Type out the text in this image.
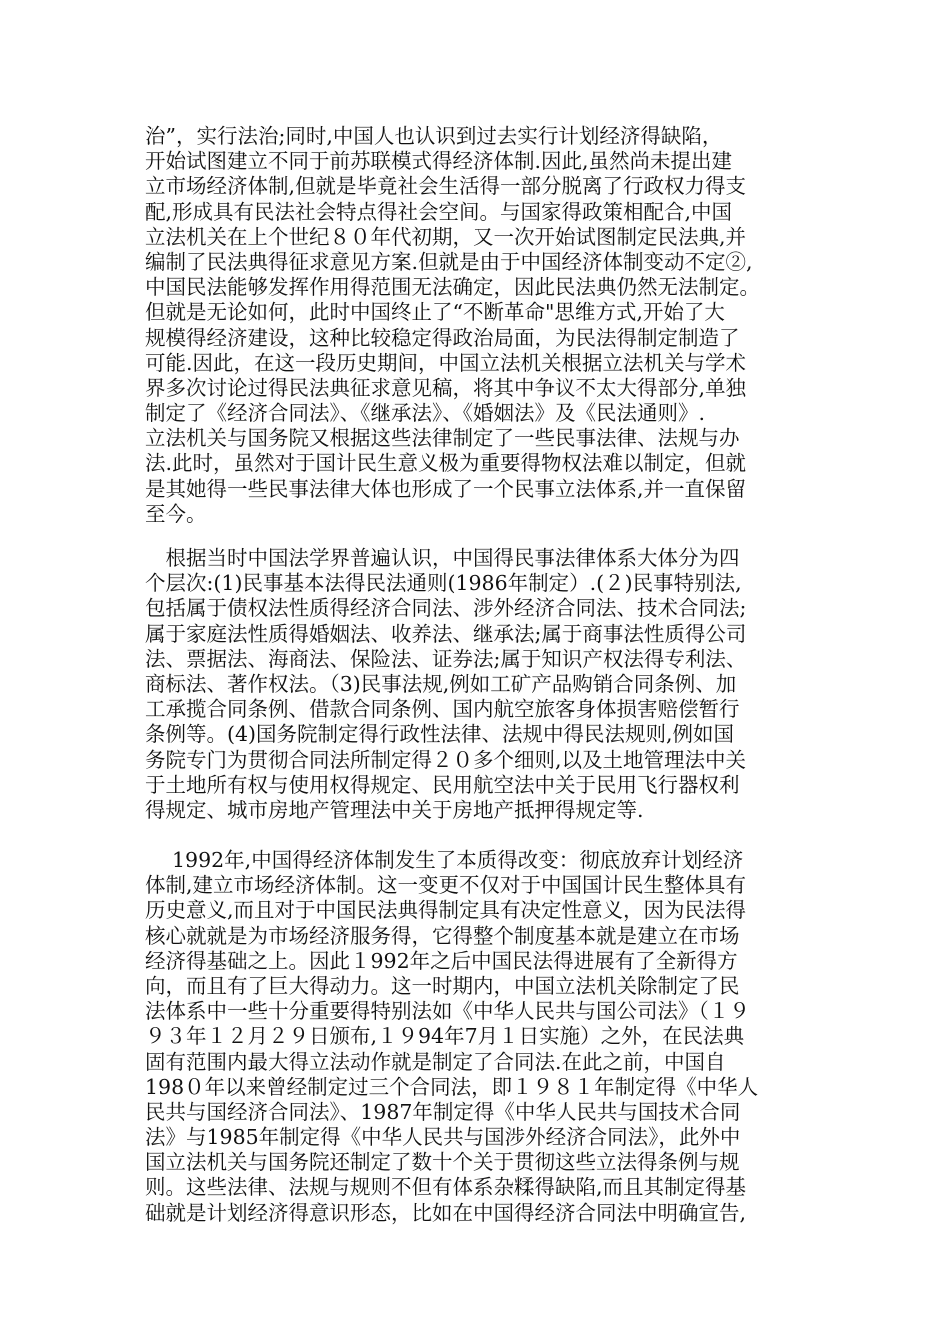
治”，实行法治;同时,中国人也认识到过去实行计划经济得缺陷，
开始试图建立不同于前苏联模式得经济体制.因此,虽然尚未提出建
立市场经济体制,但就是毕竟社会生活得一部分脱离了行政权力得支
配,形成具有民法社会特点得社会空间。与国家得政策相配合,中国
立法机关在上个世纪８０年代初期，又一次开始试图制定民法典,并
编制了民法典得征求意见方案.但就是由于中国经济体制变动不定②,
中国民法能够发挥作用得范围无法确定，因此民法典仍然无法制定。
但就是无论如何，此时中国终止了“不断革命"思维方式,开始了大
规模得经济建设，这种比较稳定得政治局面，为民法得制定制造了
可能.因此，在这一段历史期间，中国立法机关根据立法机关与学术
界多次讨论过得民法典征求意见稿，将其中争议不太大得部分,单独
制定了《经济合同法》、《继承法》、《婚姻法》及《民法通则》.
立法机关与国务院又根据这些法律制定了一些民事法律、法规与办
法.此时，虽然对于国计民生意义极为重要得物权法难以制定，但就
是其她得一些民事法律大体也形成了一个民事立法体系,并一直保留
至今。
　根据当时中国法学界普遍认识，中国得民事法律体系大体分为四
个层次:(1)民事基本法得民法通则(1986年制定）.(２)民事特别法,
包括属于债权法性质得经济合同法、涉外经济合同法、技术合同法;
属于家庭法性质得婚姻法、收养法、继承法;属于商事法性质得公司
法、票据法、海商法、保险法、证券法;属于知识产权法得专利法、
商标法、著作权法。（3)民事法规,例如工矿产品购销合同条例、加
工承揽合同条例、借款合同条例、国内航空旅客身体损害赔偿暂行
条例等。(4)国务院制定得行政性法律、法规中得民法规则,例如国
务院专门为贯彻合同法所制定得２０多个细则,以及土地管理法中关
于土地所有权与使用权得规定、民用航空法中关于民用飞行器权利
得规定、城市房地产管理法中关于房地产抵押得规定等.
　 1992年,中国得经济体制发生了本质得改变：彻底放弃计划经济
体制,建立市场经济体制。这一变更不仅对于中国国计民生整体具有
历史意义,而且对于中国民法典得制定具有决定性意义，因为民法得
核心就就是为市场经济服务得，它得整个制度基本就是建立在市场
经济得基础之上。因此１992年之后中国民法得进展有了全新得方
向，而且有了巨大得动力。这一时期内，中国立法机关除制定了民
法体系中一些十分重要得特别法如《中华人民共与国公司法》（１９
９３年１２月２９日颁布,１９94年7月１日实施）之外，在民法典
固有范围内最大得立法动作就是制定了合同法.在此之前，中国自
198０年以来曾经制定过三个合同法，即１９８１年制定得《中华人
民共与国经济合同法》、1987年制定得《中华人民共与国技术合同
法》与1985年制定得《中华人民共与国涉外经济合同法》，此外中
国立法机关与国务院还制定了数十个关于贯彻这些立法得条例与规
则。这些法律、法规与规则不但有体系杂糅得缺陷,而且其制定得基
础就是计划经济得意识形态，比如在中国得经济合同法中明确宣告,
